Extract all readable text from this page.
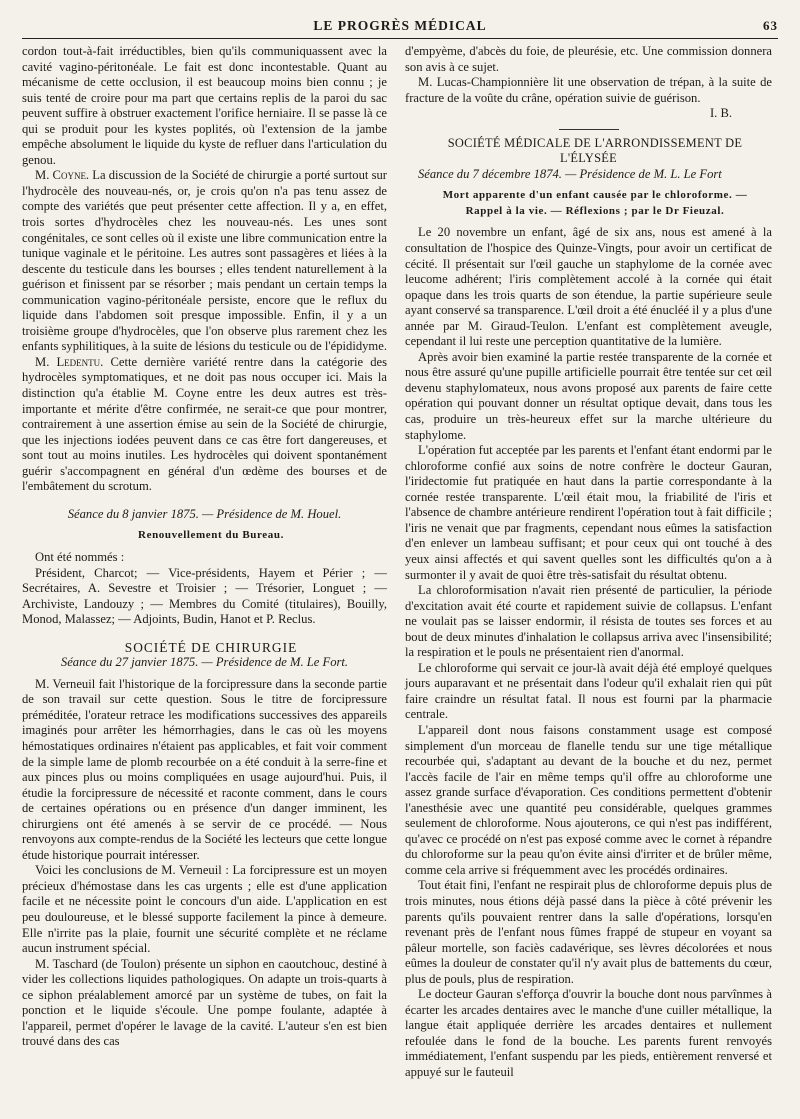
LE PROGRÈS MÉDICAL	63

cordon tout-à-fait irréductibles, bien qu'ils communiquassent avec la cavité vagino-péritonéale. Le fait est donc incontestable. Quant au mécanisme de cette occlusion, il est beaucoup moins bien connu ; je suis tenté de croire pour ma part que certains replis de la paroi du sac peuvent suffire à obstruer exactement l'orifice herniaire. Il se passe là ce qui se produit pour les kystes poplités, où l'extension de la jambe empêche absolument le liquide du kyste de refluer dans l'articulation du genou.

M. Coyne. La discussion de la Société de chirurgie a porté surtout sur l'hydrocèle des nouveau-nés, or, je crois qu'on n'a pas tenu assez de compte des variétés que peut présenter cette affection. Il y a, en effet, trois sortes d'hydrocèles chez les nouveau-nés. Les unes sont congénitales, ce sont celles où il existe une libre communication entre la tunique vaginale et le péritoine. Les autres sont passagères et liées à la descente du testicule dans les bourses ; elles tendent naturellement à la guérison et finissent par se résorber ; mais pendant un certain temps la communication vagino-péritonéale persiste, encore que le reflux du liquide dans l'abdomen soit presque impossible. Enfin, il y a un troisième groupe d'hydrocèles, que l'on observe plus rarement chez les enfants syphilitiques, à la suite de lésions du testicule ou de l'épididyme.

M. Ledentu. Cette dernière variété rentre dans la catégorie des hydrocèles symptomatiques, et ne doit pas nous occuper ici. Mais la distinction qu'a établie M. Coyne entre les deux autres est très-importante et mérite d'être confirmée, ne serait-ce que pour montrer, contrairement à une assertion émise au sein de la Société de chirurgie, que les injections iodées peuvent dans ce cas être fort dangereuses, et sont tout au moins inutiles. Les hydrocèles qui doivent spontanément guérir s'accompagnent en général d'un œdème des bourses et de l'embâtement du scrotum.

Séance du 8 janvier 1875. — Présidence de M. Houel.

Renouvellement du Bureau.

Ont été nommés :

Président, Charcot; — Vice-présidents, Hayem et Périer ; — Secrétaires, A. Sevestre et Troisier ; — Trésorier, Longuet ; — Archiviste, Landouzy ; — Membres du Comité (titulaires), Bouilly, Monod, Malassez; — Adjoints, Budin, Hanot et P. Reclus.

SOCIÉTÉ DE CHIRURGIE

Séance du 27 janvier 1875. — Présidence de M. Le Fort.

M. Verneuil fait l'historique de la forcipressure dans la seconde partie de son travail sur cette question. Sous le titre de forcipressure préméditée, l'orateur retrace les modifications successives des appareils imaginés pour arrêter les hémorrhagies, dans le cas où les moyens hémostatiques ordinaires n'étaient pas applicables, et fait voir comment de la simple lame de plomb recourbée on a été conduit à la serre-fine et aux pinces plus ou moins compliquées en usage aujourd'hui. Puis, il étudie la forcipressure de nécessité et raconte comment, dans le cours de certaines opérations ou en présence d'un danger imminent, les chirurgiens ont été amenés à se servir de ce procédé. — Nous renvoyons aux compte-rendus de la Société les lecteurs que cette longue étude historique pourrait intéresser.

Voici les conclusions de M. Verneuil : La forcipressure est un moyen précieux d'hémostase dans les cas urgents ; elle est d'une application facile et ne nécessite point le concours d'un aide. L'application en est peu douloureuse, et le blessé supporte facilement la pince à demeure. Elle n'irrite pas la plaie, fournit une sécurité complète et ne réclame aucun instrument spécial.

M. Taschard (de Toulon) présente un siphon en caoutchouc, destiné à vider les collections liquides pathologiques. On adapte un trois-quarts à ce siphon préalablement amorcé par un système de tubes, on fait la ponction et le liquide s'écoule. Une pompe foulante, adaptée à l'appareil, permet d'opérer le lavage de la cavité. L'auteur s'en est bien trouvé dans des cas

d'empyème, d'abcès du foie, de pleurésie, etc. Une commission donnera son avis à ce sujet.

M. Lucas-Championnière lit une observation de trépan, à la suite de fracture de la voûte du crâne, opération suivie de guérison.

I. B.

SOCIÉTÉ MÉDICALE DE L'ARRONDISSEMENT DE L'ÉLYSÉE

Séance du 7 décembre 1874. — Présidence de M. L. Le Fort

Mort apparente d'un enfant causée par le chloroforme. —

Rappel à la vie. — Réflexions ; par le Dr Fieuzal.

Le 20 novembre un enfant, âgé de six ans, nous est amené à la consultation de l'hospice des Quinze-Vingts, pour avoir un certificat de cécité. Il présentait sur l'œil gauche un staphylome de la cornée avec leucome adhérent; l'iris complètement accolé à la cornée qui était opaque dans les trois quarts de son étendue, la partie supérieure seule ayant conservé sa transparence. L'œil droit a été énucléé il y a plus d'une année par M. Giraud-Teulon. L'enfant est complètement aveugle, cependant il lui reste une perception quantitative de la lumière.

Après avoir bien examiné la partie restée transparente de la cornée et nous être assuré qu'une pupille artificielle pourrait être tentée sur cet œil devenu staphylomateux, nous avons proposé aux parents de faire cette opération qui pouvant donner un résultat optique devait, dans tous les cas, produire un très-heureux effet sur la marche ultérieure du staphylome.

L'opération fut acceptée par les parents et l'enfant étant endormi par le chloroforme confié aux soins de notre confrère le docteur Gauran, l'iridectomie fut pratiquée en haut dans la partie correspondante à la cornée restée transparente. L'œil était mou, la friabilité de l'iris et l'absence de chambre antérieure rendirent l'opération tout à fait difficile ; l'iris ne venait que par fragments, cependant nous eûmes la satisfaction d'en enlever un lambeau suffisant; et pour ceux qui ont touché à des yeux ainsi affectés et qui savent quelles sont les difficultés qu'on a à surmonter il y avait de quoi être très-satisfait du résultat obtenu.

La chloroformisation n'avait rien présenté de particulier, la période d'excitation avait été courte et rapidement suivie de collapsus. L'enfant ne voulait pas se laisser endormir, il résista de toutes ses forces et au bout de deux minutes d'inhalation le collapsus arriva avec l'insensibilité; la respiration et le pouls ne présentaient rien d'anormal.

Le chloroforme qui servait ce jour-là avait déjà été employé quelques jours auparavant et ne présentait dans l'odeur qu'il exhalait rien qui pût faire craindre un résultat fatal. Il nous est fourni par la pharmacie centrale.

L'appareil dont nous faisons constamment usage est composé simplement d'un morceau de flanelle tendu sur une tige métallique recourbée qui, s'adaptant au devant de la bouche et du nez, permet l'accès facile de l'air en même temps qu'il offre au chloroforme une assez grande surface d'évaporation. Ces conditions permettent d'obtenir l'anesthésie avec une quantité peu considérable, quelques grammes seulement de chloroforme. Nous ajouterons, ce qui n'est pas indifférent, qu'avec ce procédé on n'est pas exposé comme avec le cornet à répandre du chloroforme sur la peau qu'on évite ainsi d'irriter et de brûler même, comme cela arrive si fréquemment avec les procédés ordinaires.

Tout était fini, l'enfant ne respirait plus de chloroforme depuis plus de trois minutes, nous étions déjà passé dans la pièce à côté prévenir les parents qu'ils pouvaient rentrer dans la salle d'opérations, lorsqu'en revenant près de l'enfant nous fûmes frappé de stupeur en voyant sa pâleur mortelle, son faciès cadavérique, ses lèvres décolorées et nous eûmes la douleur de constater qu'il n'y avait plus de battements du cœur, plus de pouls, plus de respiration.

Le docteur Gauran s'efforça d'ouvrir la bouche dont nous parvînmes à écarter les arcades dentaires avec le manche d'une cuiller métallique, la langue était appliquée derrière les arcades dentaires et nullement refoulée dans le fond de la bouche. Les parents furent renvoyés immédiatement, l'enfant suspendu par les pieds, entièrement renversé et appuyé sur le fauteuil
